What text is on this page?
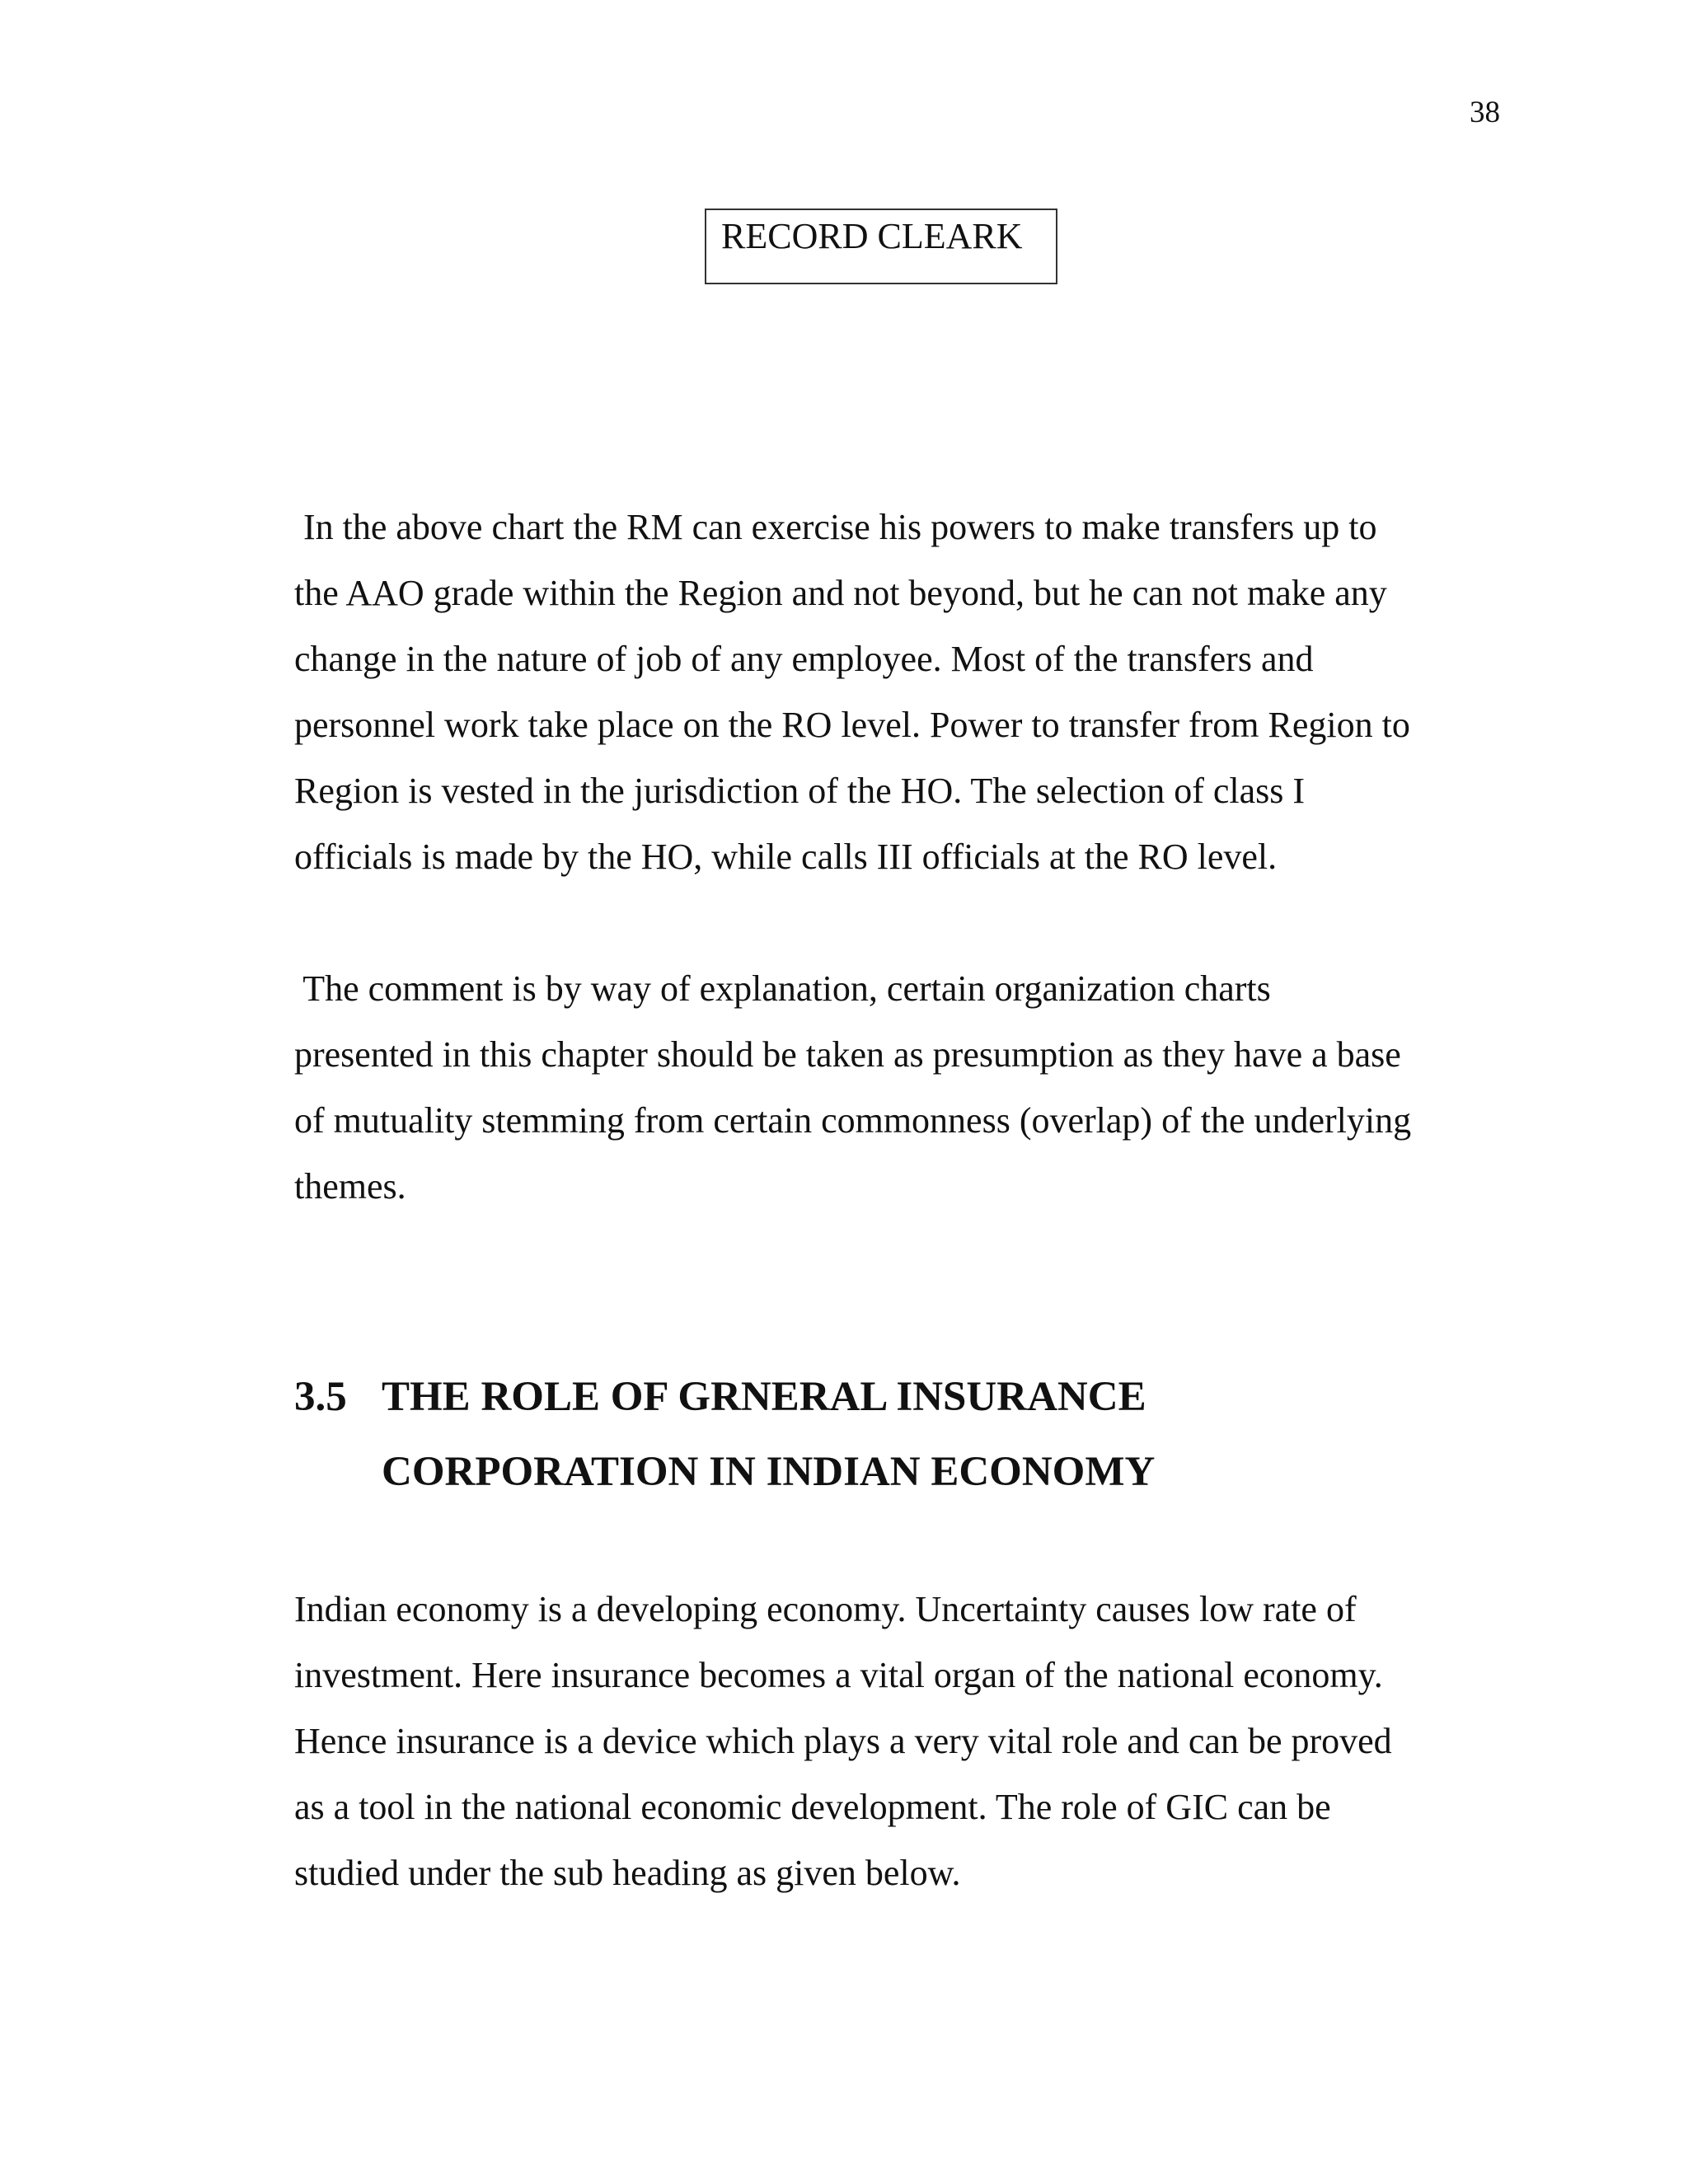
38
RECORD CLEARK
In the above chart the RM can exercise his powers to make transfers up to
the AAO grade within the Region and not beyond, but he can not make any
change in the nature of job of any employee. Most of the transfers and
personnel work take place on the RO level. Power to transfer from Region to
Region is vested in the jurisdiction of the HO. The selection of class I
officials is made by the HO, while calls III officials at the RO level.
The comment is by way of explanation, certain organization charts
presented in this chapter should be taken as presumption as they have a base
of mutuality stemming from certain commonness (overlap) of the underlying
themes.
3.5 THE ROLE OF GRNERAL INSURANCE
CORPORATION IN INDIAN ECONOMY
Indian economy is a developing economy. Uncertainty causes low rate of
investment. Here insurance becomes a vital organ of the national economy.
Hence insurance is a device which plays a very vital role and can be proved
as a tool in the national economic development. The role of GIC can be
studied under the sub heading as given below.
